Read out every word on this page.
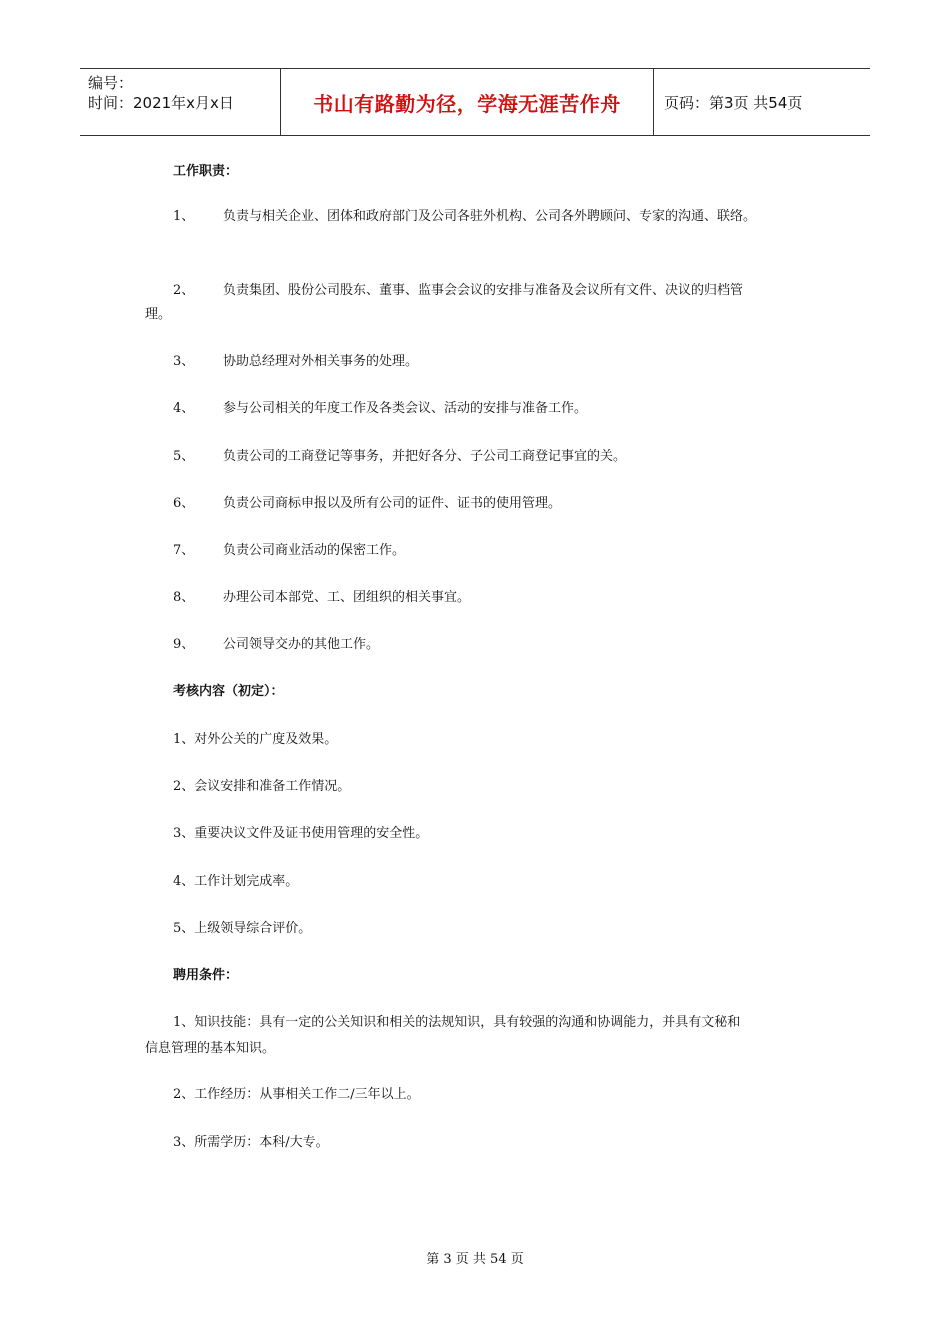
编号：
时间：2021年x月x日	书山有路勤为径，学海无涯苦作舟	页码：第3页 共54页
工作职责：
1、 负责与相关企业、团体和政府部门及公司各驻外机构、公司各外聘顾问、专家的沟通、联络。
2、 负责集团、股份公司股东、董事、监事会会议的安排与准备及会议所有文件、决议的归档管
理。
3、 协助总经理对外相关事务的处理。
4、 参与公司相关的年度工作及各类会议、活动的安排与准备工作。
5、 负责公司的工商登记等事务，并把好各分、子公司工商登记事宜的关。
6、 负责公司商标申报以及所有公司的证件、证书的使用管理。
7、 负责公司商业活动的保密工作。
8、 办理公司本部党、工、团组织的相关事宜。
9、 公司领导交办的其他工作。
考核内容（初定）：
1、对外公关的广度及效果。
2、会议安排和准备工作情况。
3、重要决议文件及证书使用管理的安全性。
4、工作计划完成率。
5、上级领导综合评价。
聘用条件：
1、知识技能：具有一定的公关知识和相关的法规知识，具有较强的沟通和协调能力，并具有文秘和
信息管理的基本知识。
2、工作经历：从事相关工作二/三年以上。
3、所需学历：本科/大专。
第 3 页 共 54 页
